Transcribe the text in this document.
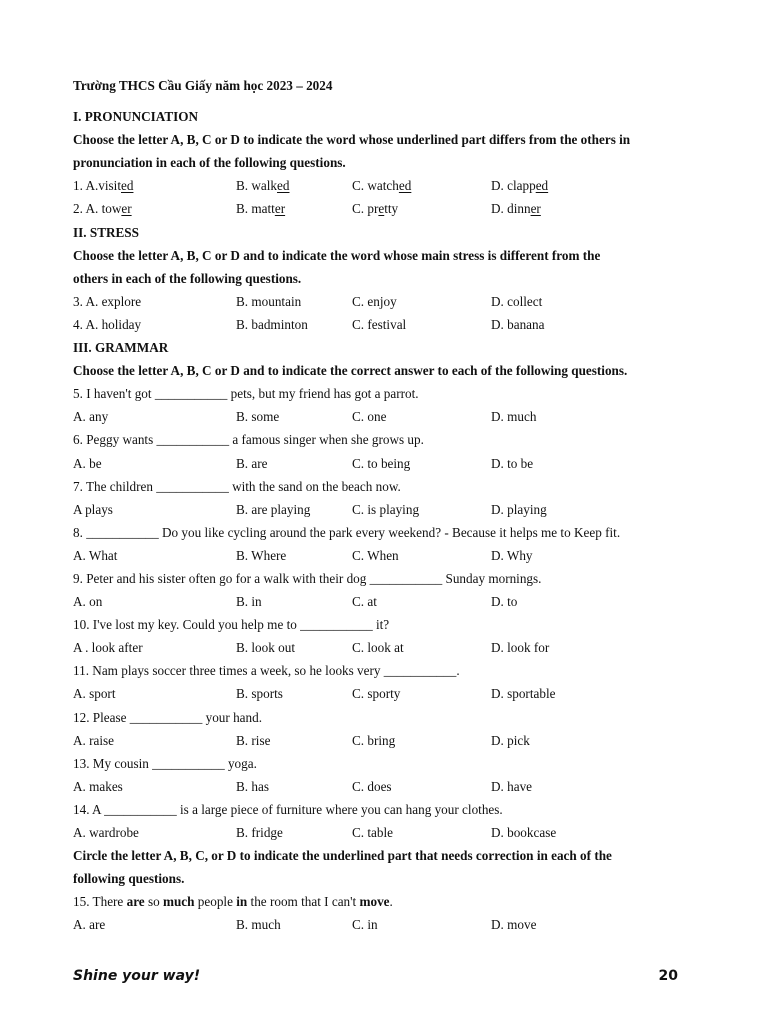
Trường THCS Cầu Giấy năm học 2023 – 2024
I. PRONUNCIATION
Choose the letter A, B, C or D to indicate the word whose underlined part differs from the others in
pronunciation in each of the following questions.
1. A.visited	B. walked	C. watched	D. clapped
2. A. tower	B. matter	C. pretty	D. dinner
II. STRESS
Choose the letter A, B, C or D and to indicate the word whose main stress is different from the
others in each of the following questions.
3. A. explore	B. mountain	C. enjoy	D. collect
4. A. holiday	B. badminton	C. festival	D. banana
III. GRAMMAR
Choose the letter A, B, C or D and to indicate the correct answer to each of the following questions.
5. I haven't got ___________ pets, but my friend has got a parrot.
A. any	B. some	C. one	D. much
6. Peggy wants ___________ a famous singer when she grows up.
A. be	B. are	C. to being	D. to be
7. The children ___________ with the sand on the beach now.
A plays	B. are playing	C. is playing	D. playing
8. ___________ Do you like cycling around the park every weekend? - Because it helps me to Keep fit.
A. What	B. Where	C. When	D. Why
9. Peter and his sister often go for a walk with their dog ___________ Sunday mornings.
A. on	B. in	C. at	D. to
10. I've lost my key. Could you help me to ___________ it?
A . look after	B. look out	C. look at	D. look for
11. Nam plays soccer three times a week, so he looks very ___________.
A. sport	B. sports	C. sporty	D. sportable
12. Please ___________ your hand.
A. raise	B. rise	C. bring	D. pick
13. My cousin ___________ yoga.
A. makes	B. has	C. does	D. have
14. A ___________ is a large piece of furniture where you can hang your clothes.
A. wardrobe	B. fridge	C. table	D. bookcase
Circle the letter A, B, C, or D to indicate the underlined part that needs correction in each of the
following questions.
15. There are so much people in the room that I can't move.
A. are	B. much	C. in	D. move
Shine your way!	20
